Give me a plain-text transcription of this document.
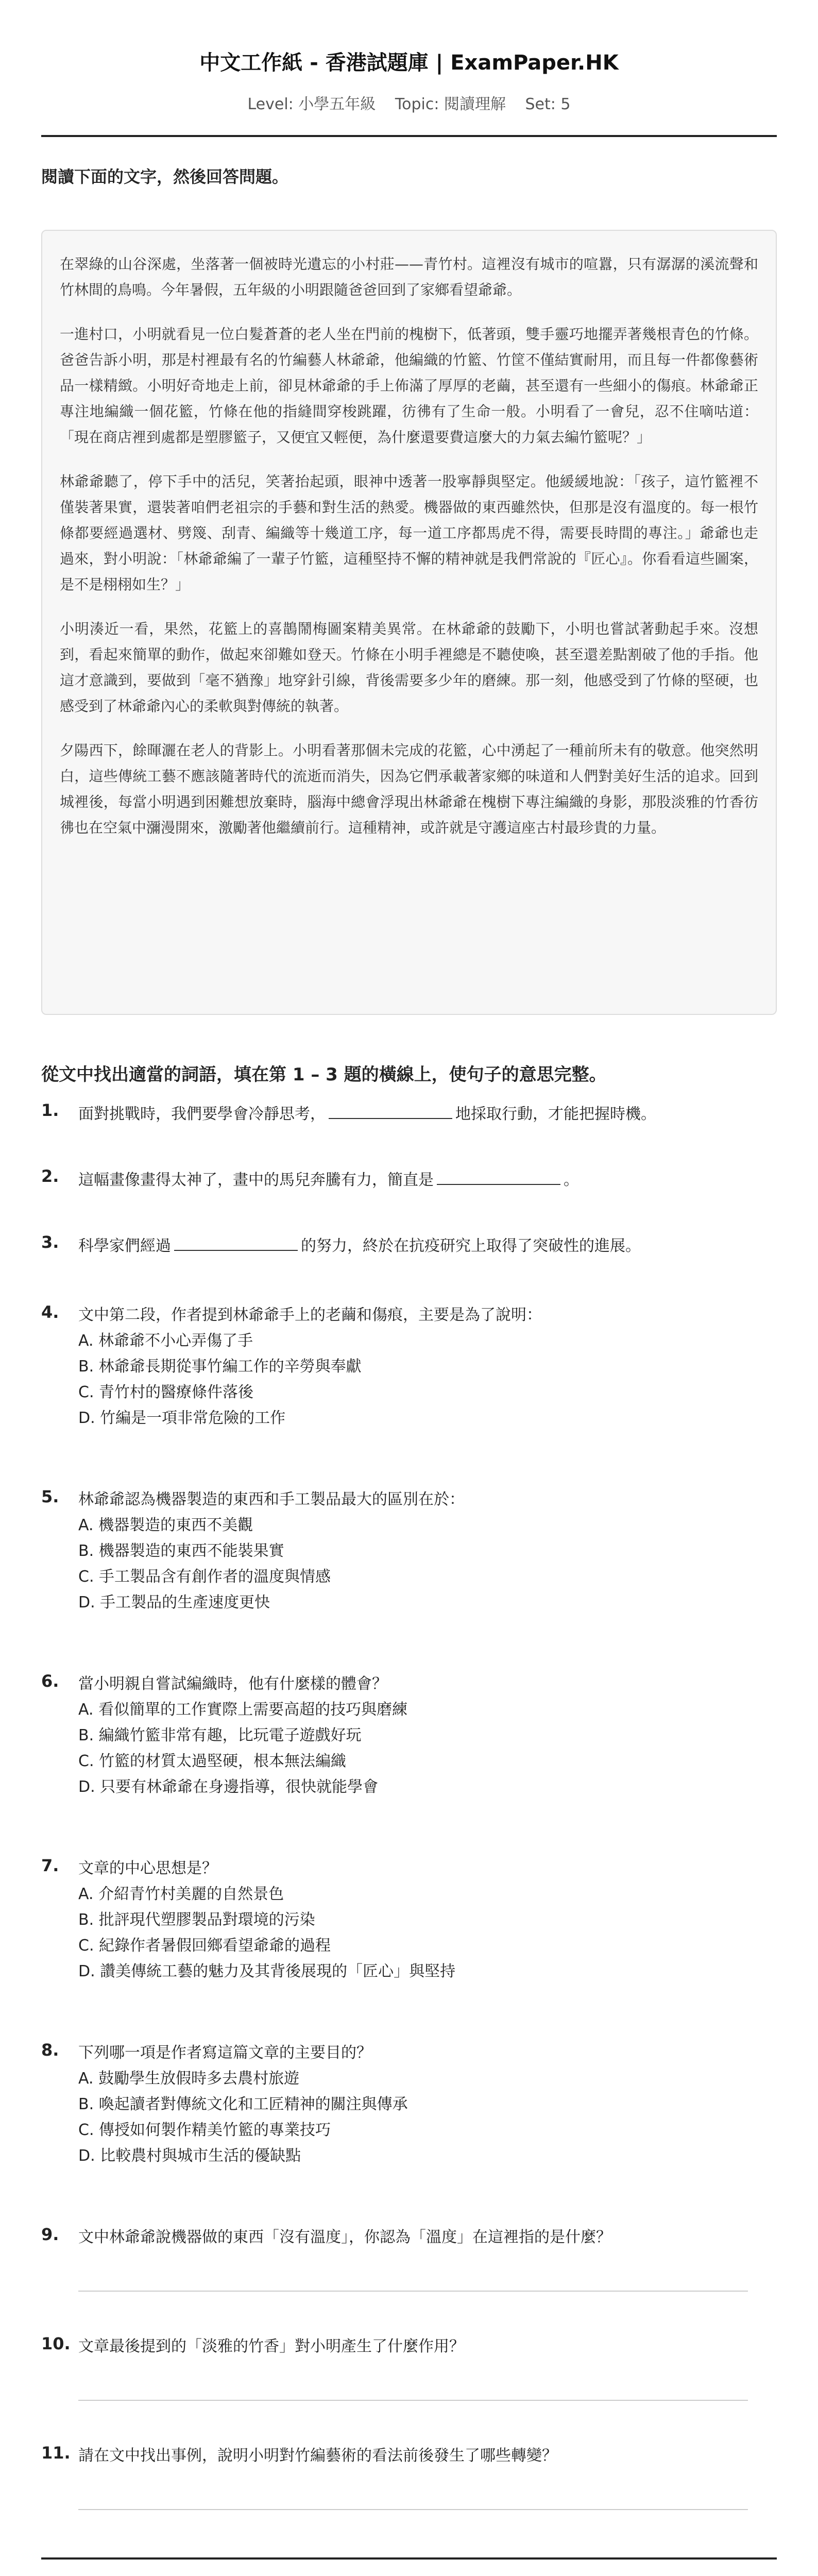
中文工作紙 - 香港試題庫 | ExamPaper.HK
Level: 小學五年級 Topic: 閱讀理解 Set: 5
閱讀下面的文字，然後回答問題。

在翠綠的山谷深處，坐落著一個被時光遺忘的小村莊——青竹村。這裡沒有城市的喧囂，只有潺潺的溪流聲和竹林間的鳥鳴。今年暑假，五年級的小明跟隨爸爸回到了家鄉看望爺爺。

一進村口，小明就看見一位白髮蒼蒼的老人坐在門前的槐樹下，低著頭，雙手靈巧地擺弄著幾根青色的竹條。爸爸告訴小明，那是村裡最有名的竹編藝人林爺爺，他編織的竹籃、竹筐不僅結實耐用，而且每一件都像藝術品一樣精緻。小明好奇地走上前，卻見林爺爺的手上佈滿了厚厚的老繭，甚至還有一些細小的傷痕。林爺爺正專注地編織一個花籃，竹條在他的指縫間穿梭跳躍，彷彿有了生命一般。小明看了一會兒，忍不住嘀咕道：「現在商店裡到處都是塑膠籃子，又便宜又輕便，為什麼還要費這麼大的力氣去編竹籃呢？」

林爺爺聽了，停下手中的活兒，笑著抬起頭，眼神中透著一股寧靜與堅定。他緩緩地說：「孩子，這竹籃裡不僅裝著果實，還裝著咱們老祖宗的手藝和對生活的熱愛。機器做的東西雖然快，但那是沒有溫度的。每一根竹條都要經過選材、劈篾、刮青、編織等十幾道工序，每一道工序都馬虎不得，需要長時間的專注。」爺爺也走過來，對小明說：「林爺爺編了一輩子竹籃，這種堅持不懈的精神就是我們常說的『匠心』。你看看這些圖案，是不是栩栩如生？」

小明湊近一看，果然，花籃上的喜鵲鬧梅圖案精美異常。在林爺爺的鼓勵下，小明也嘗試著動起手來。沒想到，看起來簡單的動作，做起來卻難如登天。竹條在小明手裡總是不聽使喚，甚至還差點割破了他的手指。他這才意識到，要做到「毫不猶豫」地穿針引線，背後需要多少年的磨練。那一刻，他感受到了竹條的堅硬，也感受到了林爺爺內心的柔軟與對傳統的執著。

夕陽西下，餘暉灑在老人的背影上。小明看著那個未完成的花籃，心中湧起了一種前所未有的敬意。他突然明白，這些傳統工藝不應該隨著時代的流逝而消失，因為它們承載著家鄉的味道和人們對美好生活的追求。回到城裡後，每當小明遇到困難想放棄時，腦海中總會浮現出林爺爺在槐樹下專注編織的身影，那股淡雅的竹香彷彿也在空氣中瀰漫開來，激勵著他繼續前行。這種精神，或許就是守護這座古村最珍貴的力量。

從文中找出適當的詞語，填在第 1 – 3 題的橫線上，使句子的意思完整。
1. 面對挑戰時，我們要學會冷靜思考，	地採取行動，才能把握時機。
2. 這幅畫像畫得太神了，畫中的馬兒奔騰有力，簡直是	。
3. 科學家們經過	的努力，終於在抗疫研究上取得了突破性的進展。
4. 文中第二段，作者提到林爺爺手上的老繭和傷痕，主要是為了說明：
A. 林爺爺不小心弄傷了手
B. 林爺爺長期從事竹編工作的辛勞與奉獻
C. 青竹村的醫療條件落後
D. 竹編是一項非常危險的工作
5. 林爺爺認為機器製造的東西和手工製品最大的區別在於：
A. 機器製造的東西不美觀
B. 機器製造的東西不能裝果實
C. 手工製品含有創作者的溫度與情感
D. 手工製品的生產速度更快
6. 當小明親自嘗試編織時，他有什麼樣的體會？
A. 看似簡單的工作實際上需要高超的技巧與磨練
B. 編織竹籃非常有趣，比玩電子遊戲好玩
C. 竹籃的材質太過堅硬，根本無法編織
D. 只要有林爺爺在身邊指導，很快就能學會
7. 文章的中心思想是？
A. 介紹青竹村美麗的自然景色
B. 批評現代塑膠製品對環境的污染
C. 紀錄作者暑假回鄉看望爺爺的過程
D. 讚美傳統工藝的魅力及其背後展現的「匠心」與堅持
8. 下列哪一項是作者寫這篇文章的主要目的？
A. 鼓勵學生放假時多去農村旅遊
B. 喚起讀者對傳統文化和工匠精神的關注與傳承
C. 傳授如何製作精美竹籃的專業技巧
D. 比較農村與城市生活的優缺點
9. 文中林爺爺說機器做的東西「沒有溫度」，你認為「溫度」在這裡指的是什麼？
10. 文章最後提到的「淡雅的竹香」對小明產生了什麼作用？
11. 請在文中找出事例，說明小明對竹編藝術的看法前後發生了哪些轉變？
